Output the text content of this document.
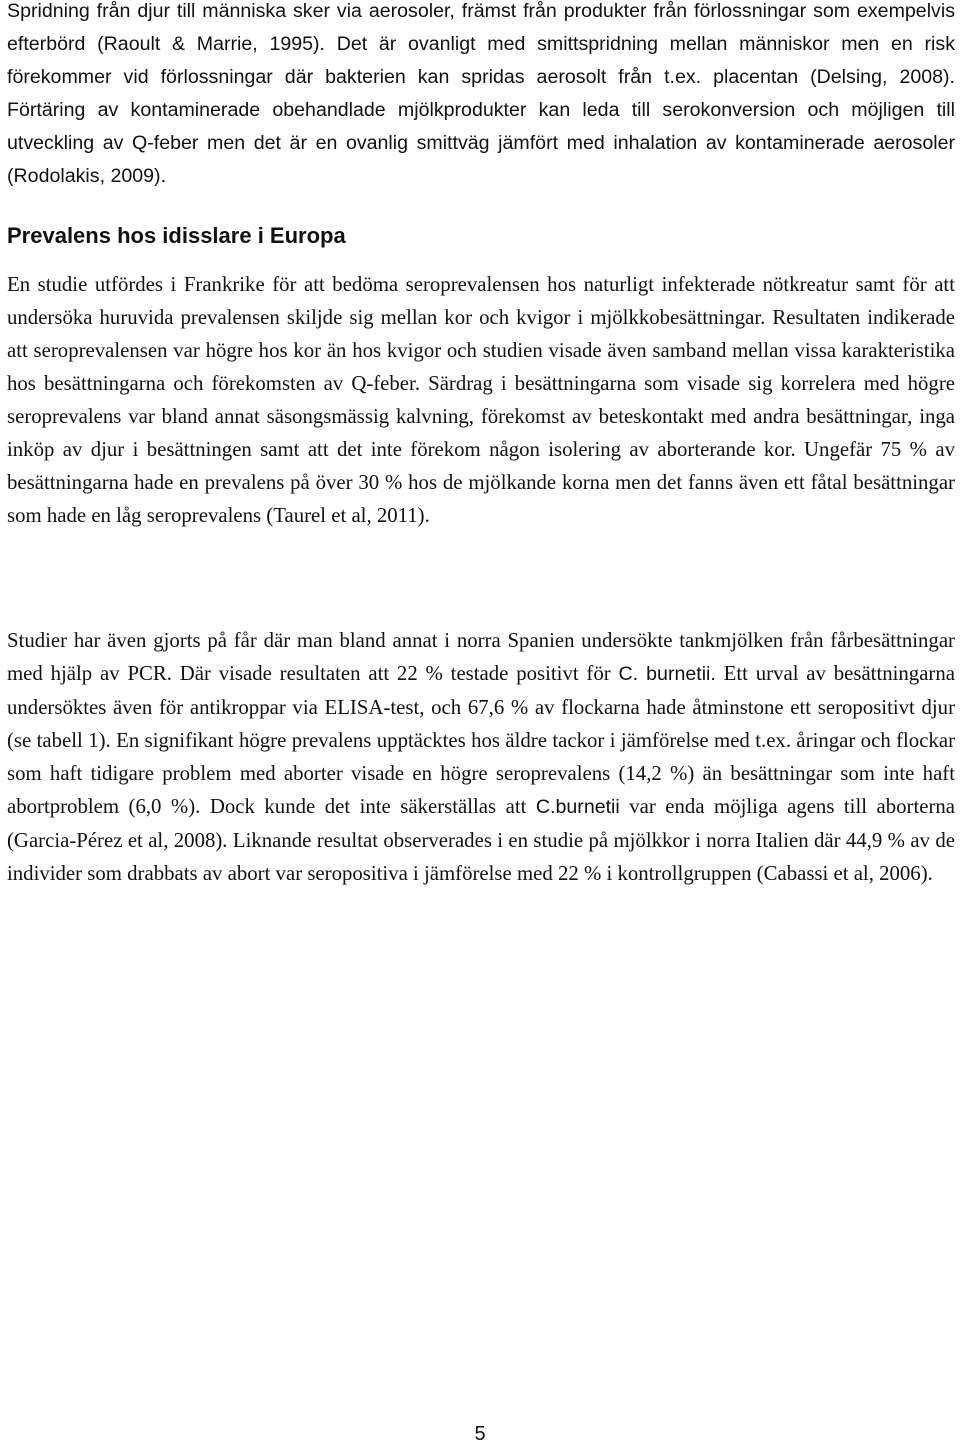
Spridning från djur till människa sker via aerosoler, främst från produkter från förlossningar som exempelvis efterbörd (Raoult & Marrie, 1995). Det är ovanligt med smittspridning mellan människor men en risk förekommer vid förlossningar där bakterien kan spridas aerosolt från t.ex. placentan (Delsing, 2008). Förtäring av kontaminerade obehandlade mjölkprodukter kan leda till serokonversion och möjligen till utveckling av Q-feber men det är en ovanlig smittväg jämfört med inhalation av kontaminerade aerosoler (Rodolakis, 2009).

Prevalens hos idisslare i Europa

En studie utfördes i Frankrike för att bedöma seroprevalensen hos naturligt infekterade nötkreatur samt för att undersöka huruvida prevalensen skiljde sig mellan kor och kvigor i mjölkkobesättningar. Resultaten indikerade att seroprevalensen var högre hos kor än hos kvigor och studien visade även samband mellan vissa karakteristika hos besättningarna och förekomsten av Q-feber. Särdrag i besättningarna som visade sig korrelera med högre seroprevalens var bland annat säsongsmässig kalvning, förekomst av beteskontakt med andra besättningar, inga inköp av djur i besättningen samt att det inte förekom någon isolering av aborterande kor. Ungefär 75 % av besättningarna hade en prevalens på över 30 % hos de mjölkande korna men det fanns även ett fåtal besättningar som hade en låg seroprevalens (Taurel et al, 2011).

Studier har även gjorts på får där man bland annat i norra Spanien undersökte tankmjölken från fårbesättningar med hjälp av PCR. Där visade resultaten att 22 % testade positivt för C. burnetii. Ett urval av besättningarna undersöktes även för antikroppar via ELISA-test, och 67,6 % av flockarna hade åtminstone ett seropositivt djur (se tabell 1). En signifikant högre prevalens upptäcktes hos äldre tackor i jämförelse med t.ex. åringar och flockar som haft tidigare problem med aborter visade en högre seroprevalens (14,2 %) än besättningar som inte haft abortproblem (6,0 %). Dock kunde det inte säkerställas att C.burnetii var enda möjliga agens till aborterna (Garcia-Pérez et al, 2008). Liknande resultat observerades i en studie på mjölkkor i norra Italien där 44,9 % av de individer som drabbats av abort var seropositiva i jämförelse med 22 % i kontrollgruppen (Cabassi et al, 2006).

5
